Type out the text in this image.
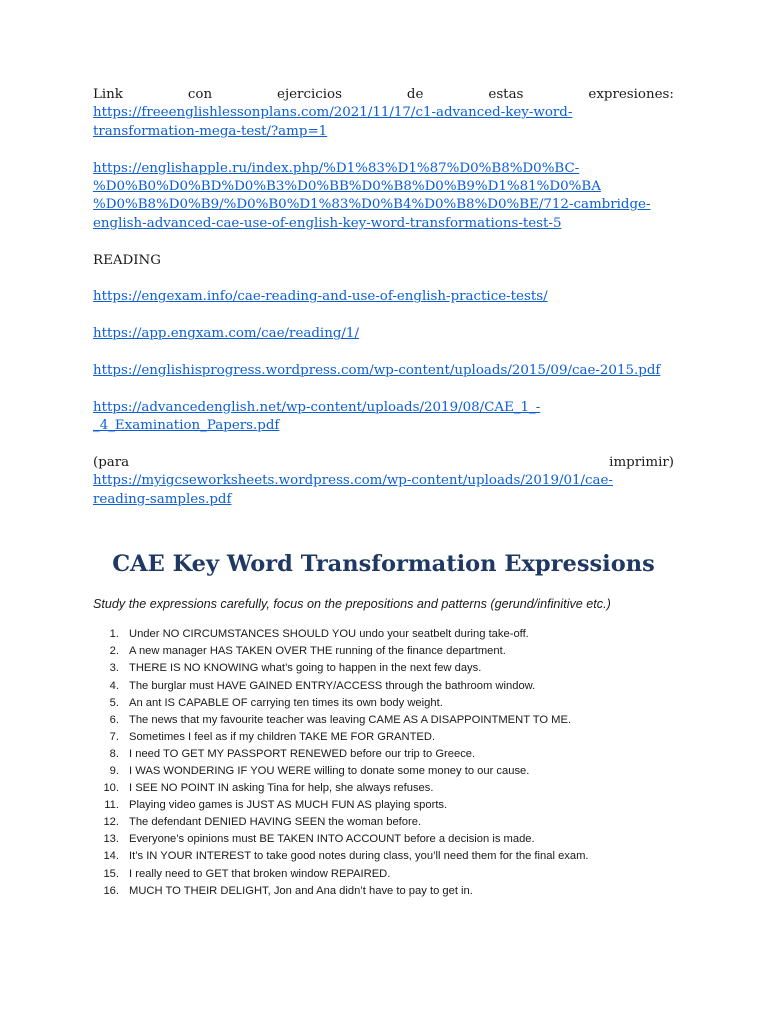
Link	con	ejercicios	de	estas	expresiones:
https://freeenglishlessonplans.com/2021/11/17/c1-advanced-key-word-
transformation-mega-test/?amp=1
https://englishapple.ru/index.php/%D1%83%D1%87%D0%B8%D0%BC-
%D0%B0%D0%BD%D0%B3%D0%BB%D0%B8%D0%B9%D1%81%D0%BA
%D0%B8%D0%B9/%D0%B0%D1%83%D0%B4%D0%B8%D0%BE/712-cambridge-
english-advanced-cae-use-of-english-key-word-transformations-test-5
READING
https://engexam.info/cae-reading-and-use-of-english-practice-tests/
https://app.engxam.com/cae/reading/1/
https://englishisprogress.wordpress.com/wp-content/uploads/2015/09/cae-2015.pdf
https://advancedenglish.net/wp-content/uploads/2019/08/CAE_1_-
_4_Examination_Papers.pdf
(para	imprimir)
https://myigcseworksheets.wordpress.com/wp-content/uploads/2019/01/cae-
reading-samples.pdf
CAE Key Word Transformation Expressions
Study the expressions carefully, focus on the prepositions and patterns (gerund/infinitive etc.)
1. Under NO CIRCUMSTANCES SHOULD YOU undo your seatbelt during take-off.
2. A new manager HAS TAKEN OVER THE running of the finance department.
3. THERE IS NO KNOWING what’s going to happen in the next few days.
4. The burglar must HAVE GAINED ENTRY/ACCESS through the bathroom window.
5. An ant IS CAPABLE OF carrying ten times its own body weight.
6. The news that my favourite teacher was leaving CAME AS A DISAPPOINTMENT TO ME.
7. Sometimes I feel as if my children TAKE ME FOR GRANTED.
8. I need TO GET MY PASSPORT RENEWED before our trip to Greece.
9. I WAS WONDERING IF YOU WERE willing to donate some money to our cause.
10. I SEE NO POINT IN asking Tina for help, she always refuses.
11. Playing video games is JUST AS MUCH FUN AS playing sports.
12. The defendant DENIED HAVING SEEN the woman before.
13. Everyone’s opinions must BE TAKEN INTO ACCOUNT before a decision is made.
14. It’s IN YOUR INTEREST to take good notes during class, you’ll need them for the final exam.
15. I really need to GET that broken window REPAIRED.
16. MUCH TO THEIR DELIGHT, Jon and Ana didn’t have to pay to get in.
